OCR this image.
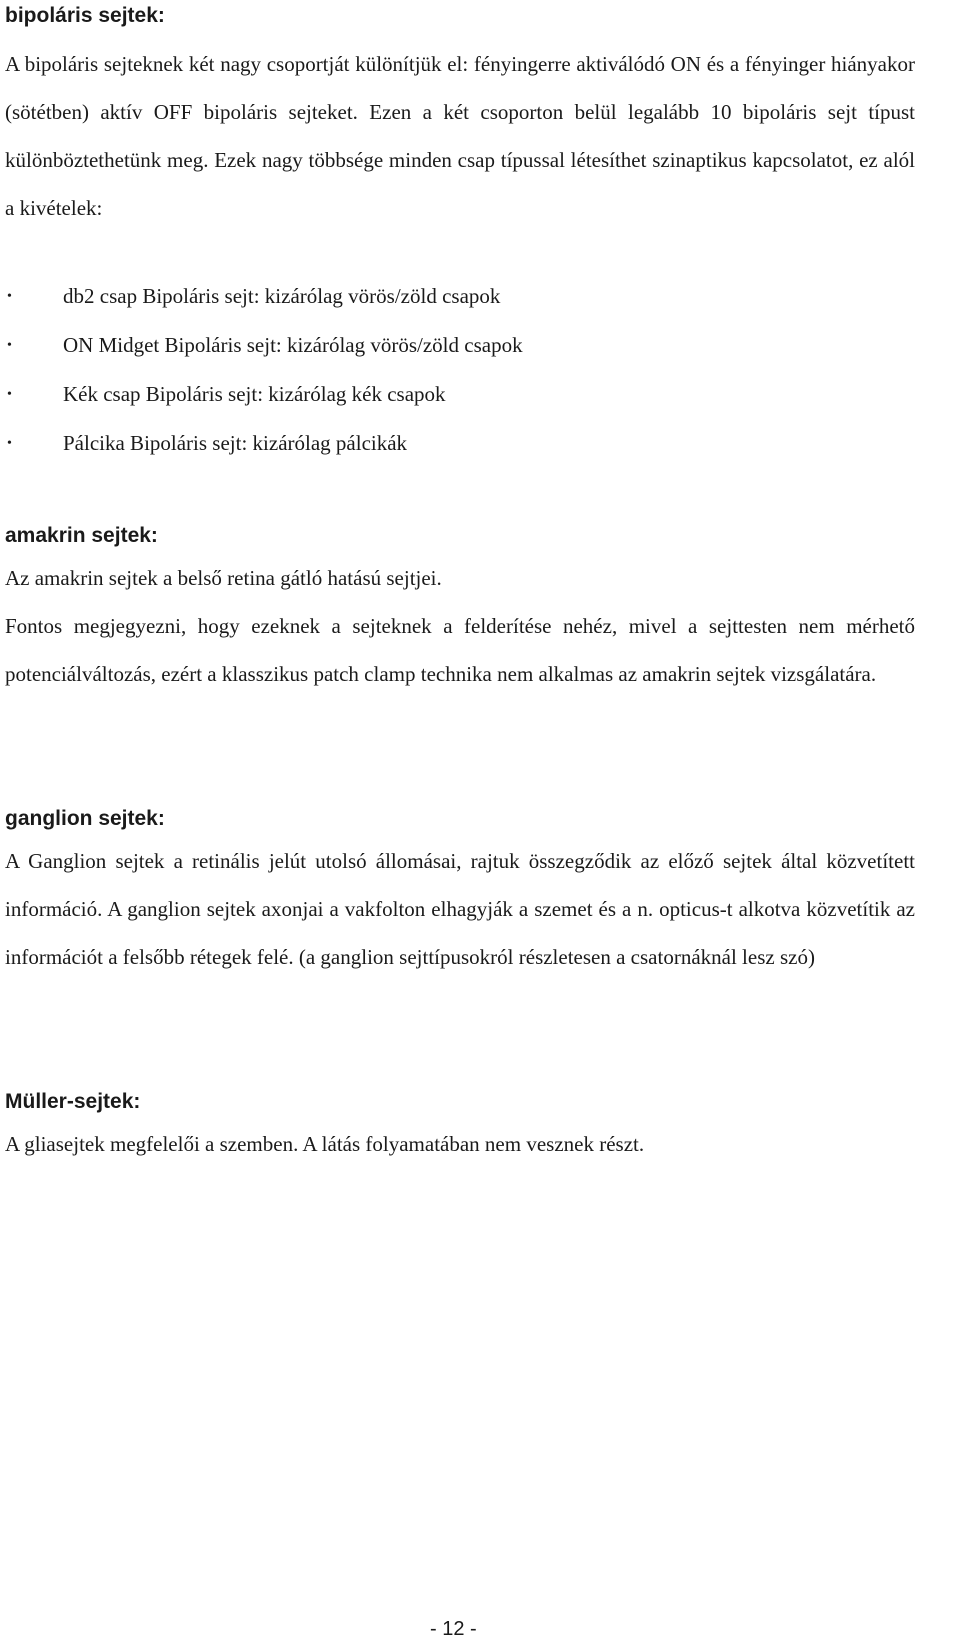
bipoláris sejtek:

A bipoláris sejteknek két nagy csoportját különítjük el: fényingerre aktiválódó ON és a fényinger hiányakor (sötétben) aktív OFF bipoláris sejteket. Ezen a két csoporton belül legalább 10 bipoláris sejt típust különböztethetünk meg. Ezek nagy többsége minden csap típussal létesíthet szinaptikus kapcsolatot, ez alól a kivételek:

• db2 csap Bipoláris sejt: kizárólag vörös/zöld csapok
• ON Midget Bipoláris sejt: kizárólag vörös/zöld csapok
• Kék csap Bipoláris sejt: kizárólag kék csapok
• Pálcika Bipoláris sejt: kizárólag pálcikák
amakrin sejtek:

Az amakrin sejtek a belső retina gátló hatású sejtjei.

Fontos megjegyezni, hogy ezeknek a sejteknek a felderítése nehéz, mivel a sejttesten nem mérhető potenciálváltozás, ezért a klasszikus patch clamp technika nem alkalmas az amakrin sejtek vizsgálatára.

ganglion sejtek:

A Ganglion sejtek a retinális jelút utolsó állomásai, rajtuk összegződik az előző sejtek által közvetített információ. A ganglion sejtek axonjai a vakfolton elhagyják a szemet és a n. opticus-t alkotva közvetítik az információt a felsőbb rétegek felé. (a ganglion sejttípusokról részletesen a csatornáknál lesz szó)

Müller-sejtek:

A gliasejtek megfelelői a szemben. A látás folyamatában nem vesznek részt.

- 12 -
